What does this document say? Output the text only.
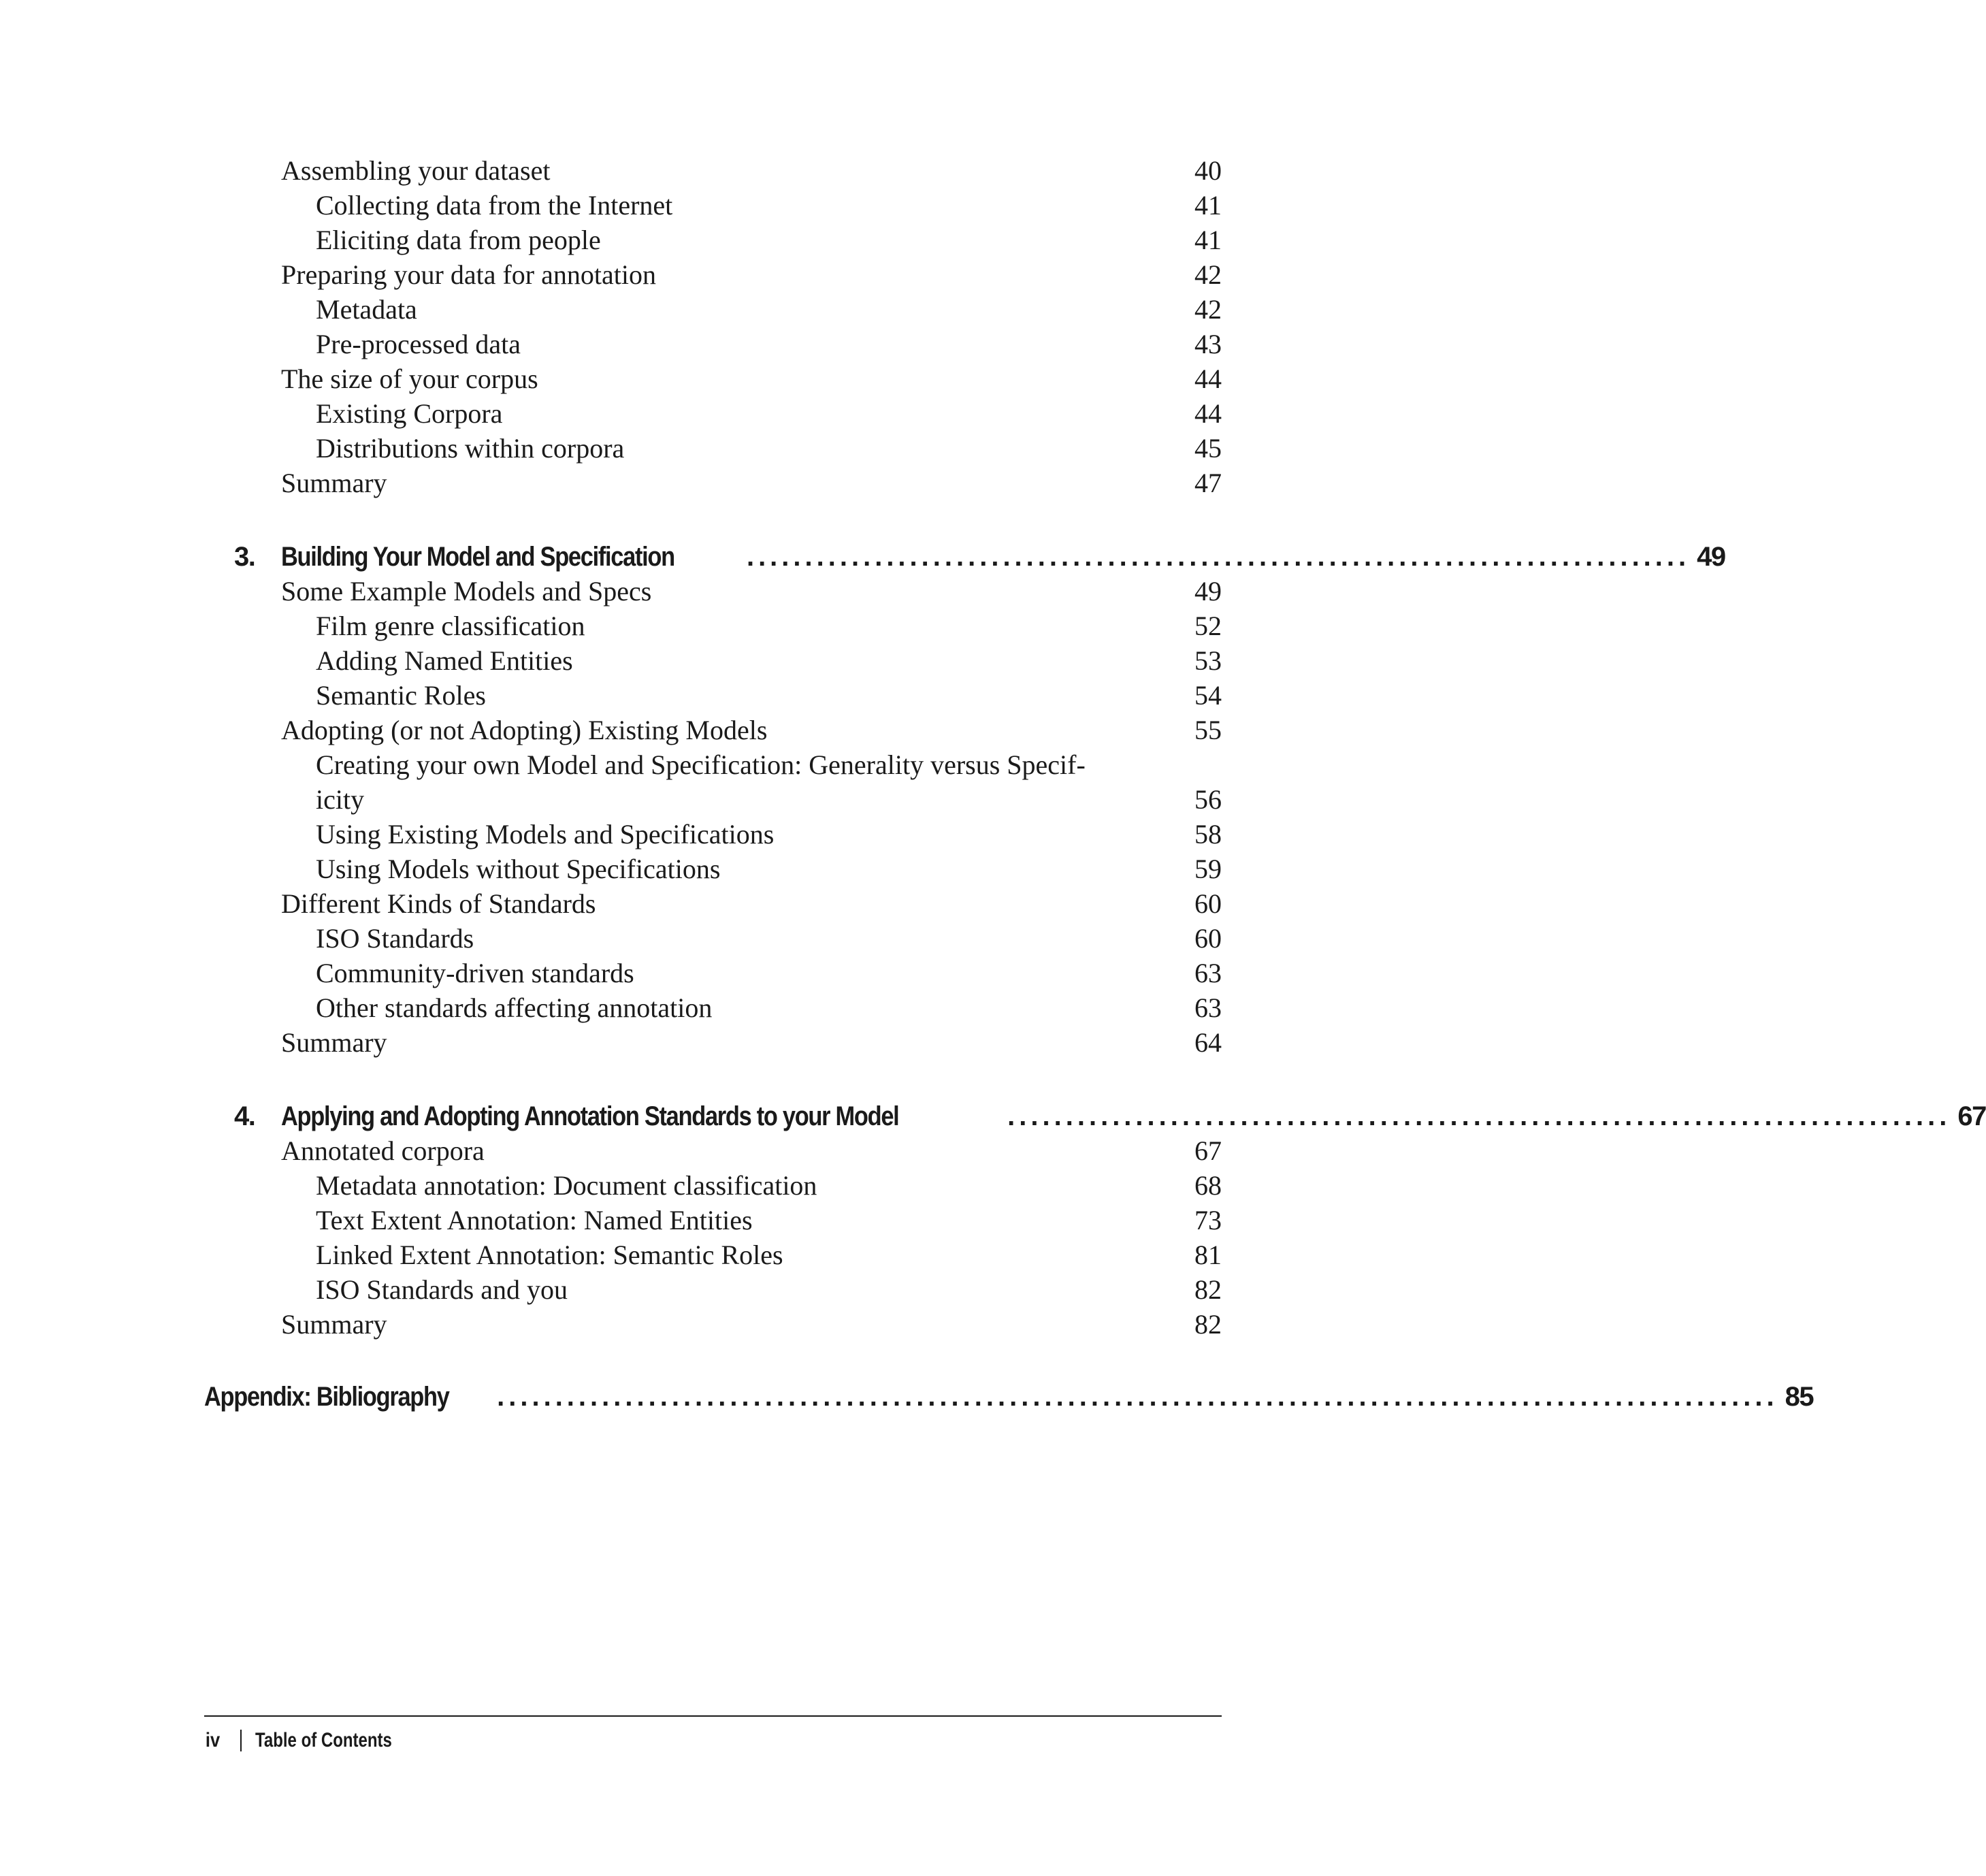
Assembling your dataset	40
Collecting data from the Internet	41
Eliciting data from people	41
Preparing your data for annotation	42
Metadata	42
Pre-processed data	43
The size of your corpus	44
Existing Corpora	44
Distributions within corpora	45
Summary	47
3. Building Your Model and Specification	................................................................................. 49
Some Example Models and Specs	49
Film genre classification	52
Adding Named Entities	53
Semantic Roles	54
Adopting (or not Adopting) Existing Models	55
Creating your own Model and Specification: Generality versus Specif-
icity	56
Using Existing Models and Specifications	58
Using Models without Specifications	59
Different Kinds of Standards	60
ISO Standards	60
Community-driven standards	63
Other standards affecting annotation	63
Summary	64
4. Applying and Adopting Annotation Standards to your Model	................................................................................. 67
Annotated corpora	67
Metadata annotation: Document classification	68
Text Extent Annotation: Named Entities	73
Linked Extent Annotation: Semantic Roles	81
ISO Standards and you	82
Summary	82
Appendix: Bibliography .............................................................................................................. 85
iv Table of Contents
